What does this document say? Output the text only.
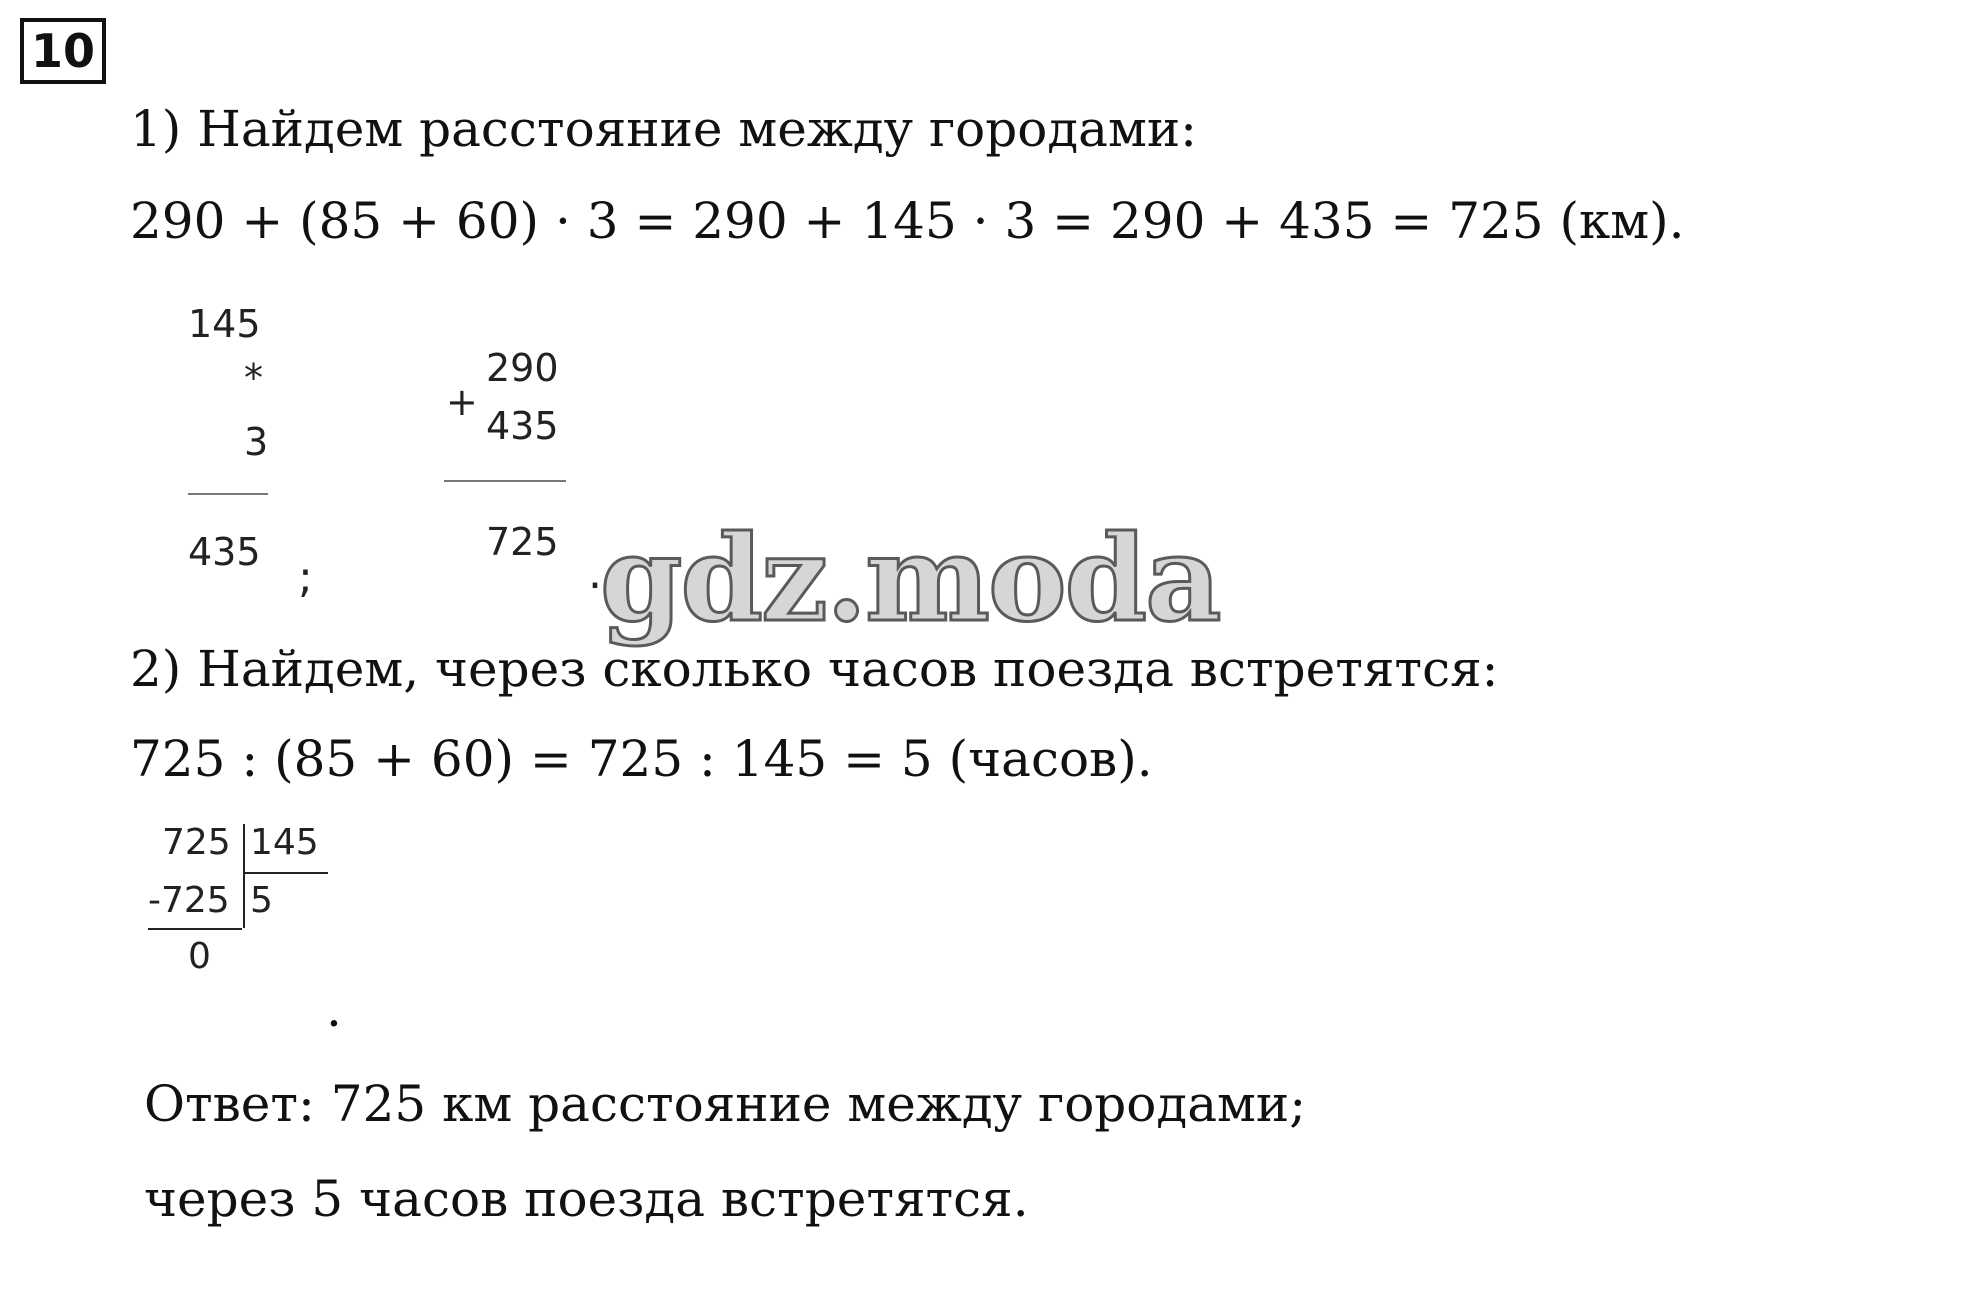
10
1) Найдем расстояние между городами:
290 + (85 + 60) · 3 = 290 + 145 · 3 = 290 + 435 = 725 (км).
145
*
3
435 ;
+
290
435
725
.
gdz.moda
2) Найдем, через сколько часов поезда встретятся:
725 : (85 + 60) = 725 : 145 = 5 (часов).
725 145
-725 5
0
.
Ответ: 725 км расстояние между городами;
через 5 часов поезда встретятся.
